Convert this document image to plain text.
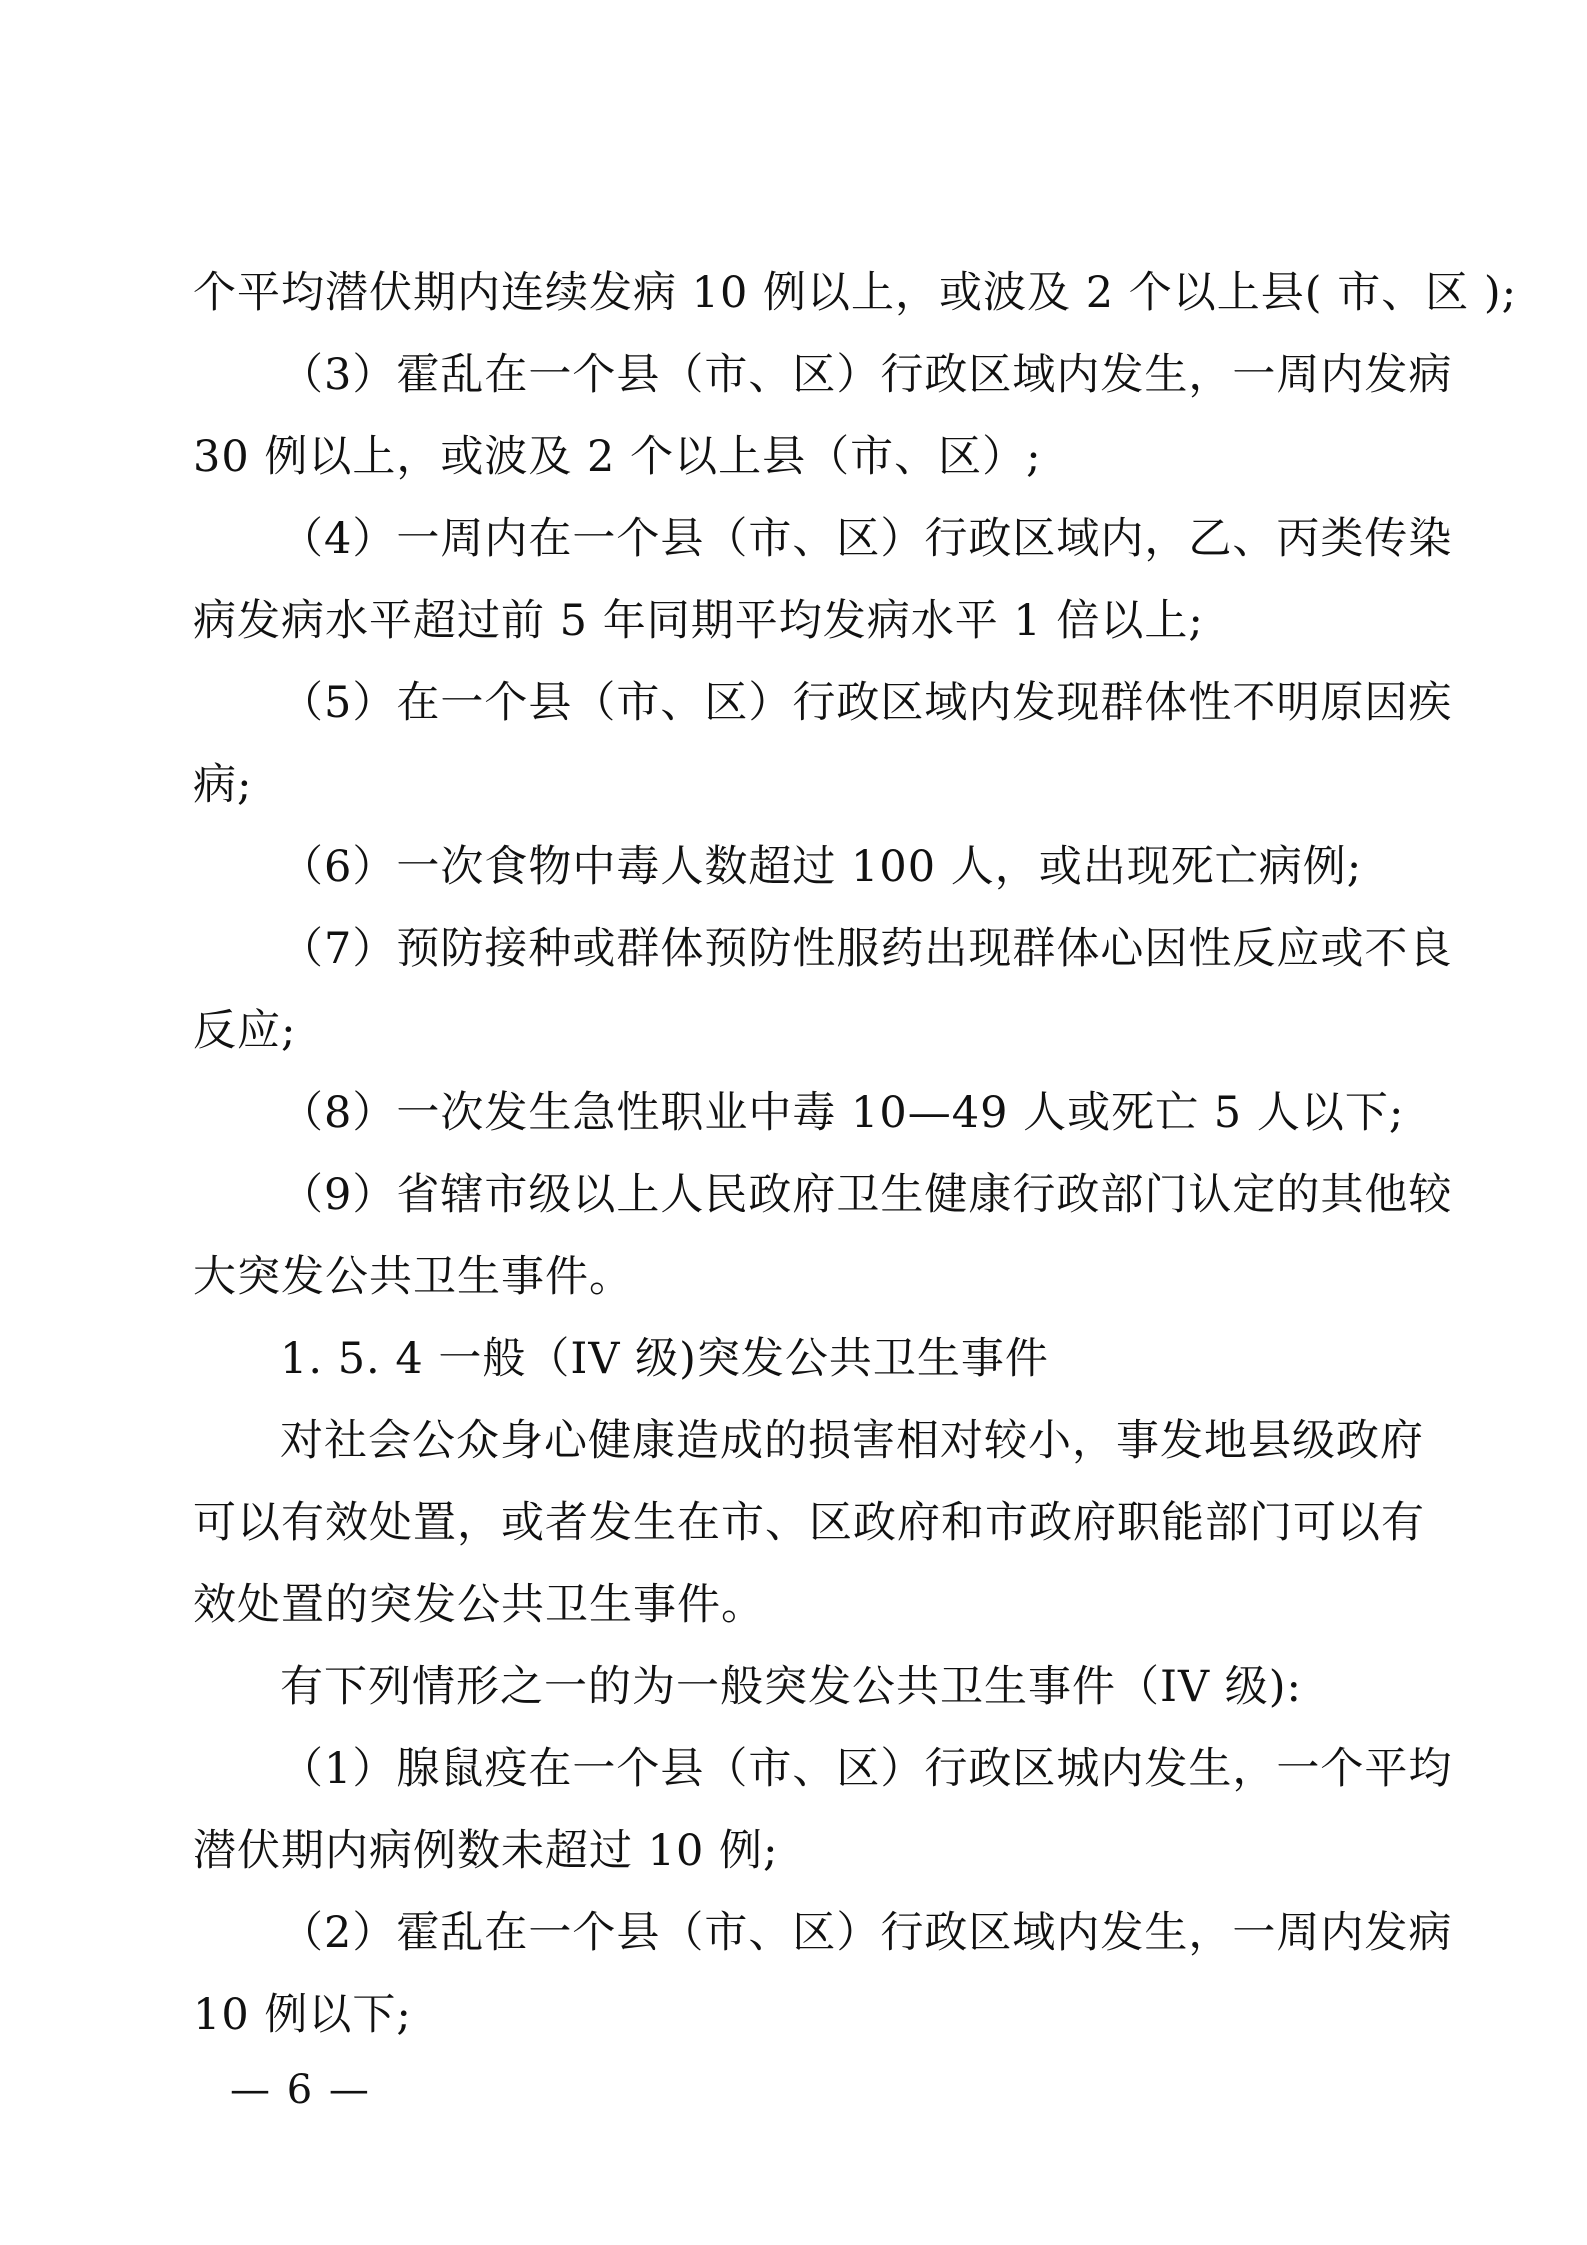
个平均潜伏期内连续发病 10 例以上，或波及 2 个以上县( 市、区 );
（3）霍乱在一个县（市、区）行政区域内发生，一周内发病
30 例以上，或波及 2 个以上县（市、区）;
（4）一周内在一个县（市、区）行政区域内，乙、丙类传染
病发病水平超过前 5 年同期平均发病水平 1 倍以上;
（5）在一个县（市、区）行政区域内发现群体性不明原因疾
病;
（6）一次食物中毒人数超过 100 人，或出现死亡病例;
（7）预防接种或群体预防性服药出现群体心因性反应或不良
反应;
（8）一次发生急性职业中毒 10—49 人或死亡 5 人以下;
（9）省辖市级以上人民政府卫生健康行政部门认定的其他较
大突发公共卫生事件。
1. 5. 4 一般（IV 级)突发公共卫生事件
对社会公众身心健康造成的损害相对较小，事发地县级政府
可以有效处置，或者发生在市、区政府和市政府职能部门可以有
效处置的突发公共卫生事件。
有下列情形之一的为一般突发公共卫生事件（IV 级):
（1）腺鼠疫在一个县（市、区）行政区城内发生，一个平均
潜伏期内病例数未超过 10 例;
（2）霍乱在一个县（市、区）行政区域内发生，一周内发病
10 例以下;
— 6 —
